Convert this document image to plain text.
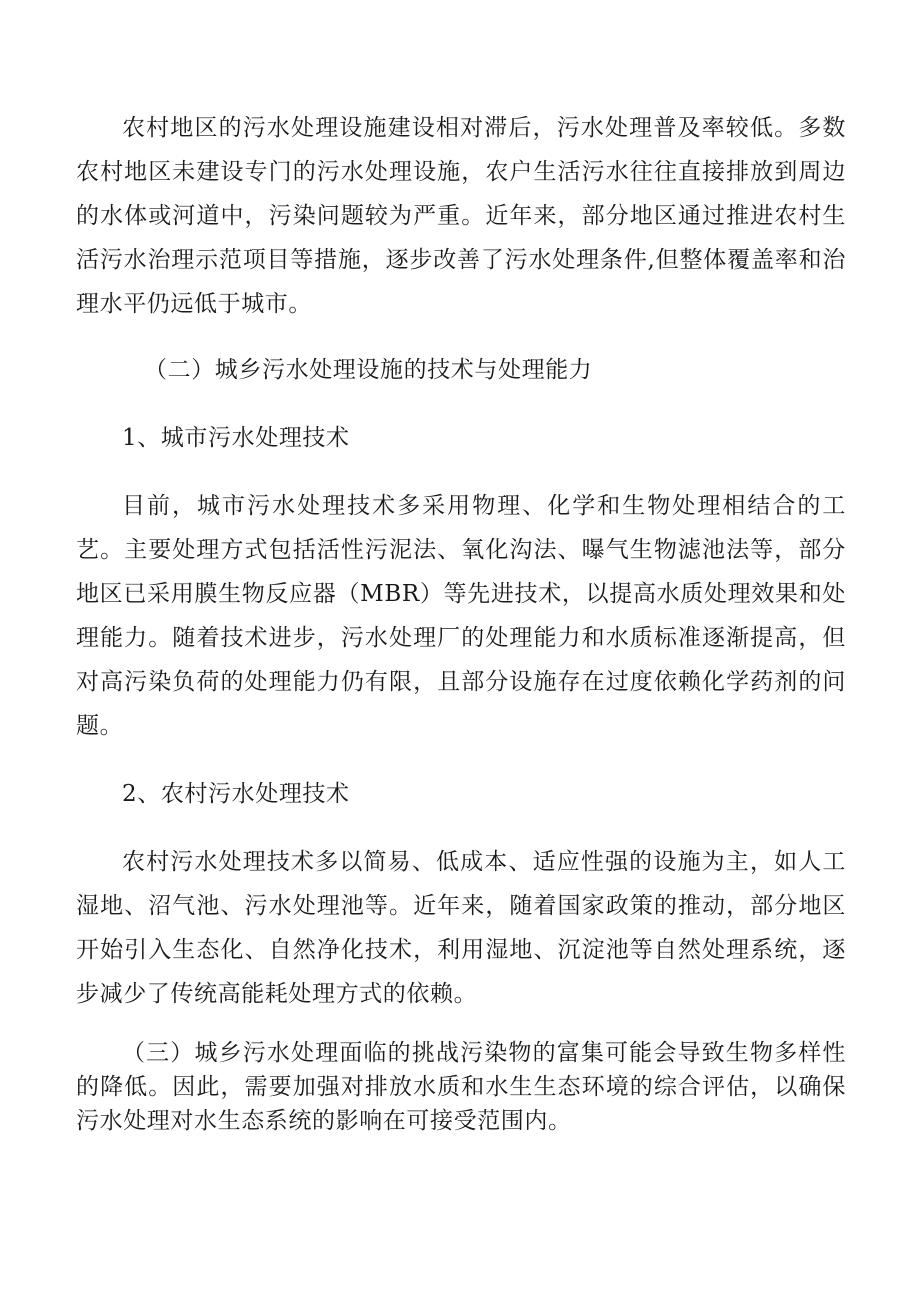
农村地区的污水处理设施建设相对滞后，污水处理普及率较低。多数农村地区未建设专门的污水处理设施，农户生活污水往往直接排放到周边的水体或河道中，污染问题较为严重。近年来，部分地区通过推进农村生活污水治理示范项目等措施，逐步改善了污水处理条件,但整体覆盖率和治理水平仍远低于城市。

（二）城乡污水处理设施的技术与处理能力

1、城市污水处理技术

目前，城市污水处理技术多采用物理、化学和生物处理相结合的工艺。主要处理方式包括活性污泥法、氧化沟法、曝气生物滤池法等，部分地区已采用膜生物反应器（MBR）等先进技术，以提高水质处理效果和处理能力。随着技术进步，污水处理厂的处理能力和水质标准逐渐提高，但对高污染负荷的处理能力仍有限，且部分设施存在过度依赖化学药剂的问题。

2、农村污水处理技术

农村污水处理技术多以简易、低成本、适应性强的设施为主，如人工湿地、沼气池、污水处理池等。近年来，随着国家政策的推动，部分地区开始引入生态化、自然净化技术，利用湿地、沉淀池等自然处理系统，逐步减少了传统高能耗处理方式的依赖。

（三）城乡污水处理面临的挑战污染物的富集可能会导致生物多样性的降低。因此，需要加强对排放水质和水生生态环境的综合评估，以确保污水处理对水生态系统的影响在可接受范围内。
